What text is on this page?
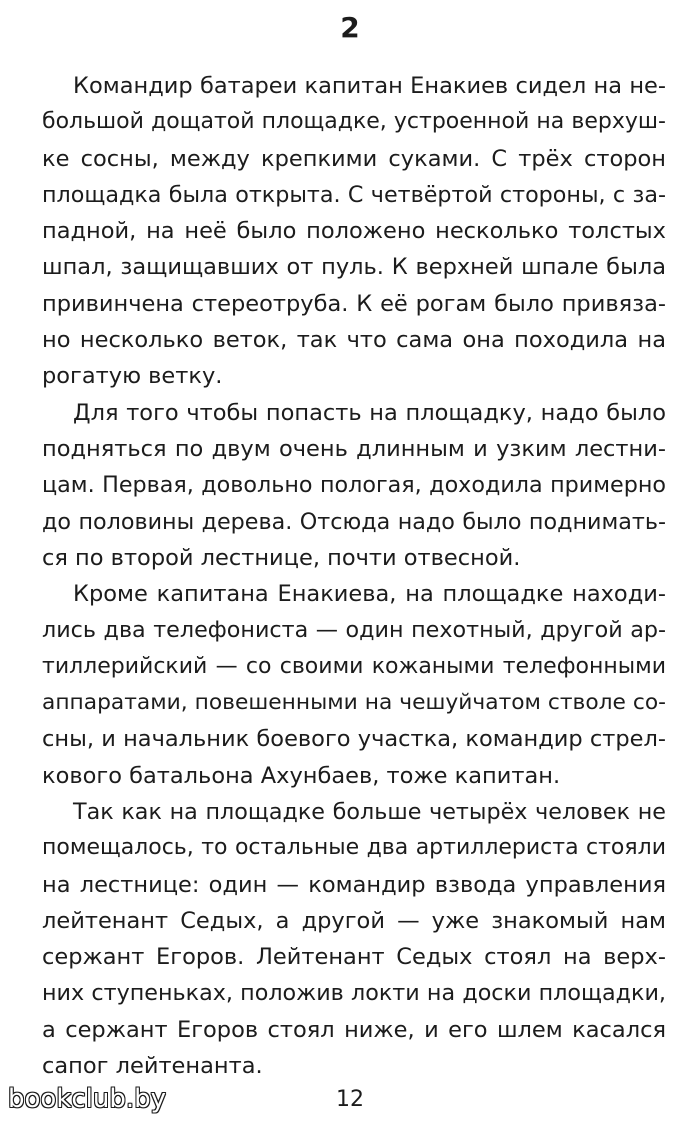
2
Командир батареи капитан Енакиев сидел на не-
большой дощатой площадке, устроенной на верхуш-
ке сосны, между крепкими суками. С трёх сторон
площадка была открыта. С четвёртой стороны, с за-
падной, на неё было положено несколько толстых
шпал, защищавших от пуль. К верхней шпале была
привинчена стереотруба. К её рогам было привяза-
но несколько веток, так что сама она походила на
рогатую ветку.
Для того чтобы попасть на площадку, надо было
подняться по двум очень длинным и узким лестни-
цам. Первая, довольно пологая, доходила примерно
до половины дерева. Отсюда надо было поднимать-
ся по второй лестнице, почти отвесной.
Кроме капитана Енакиева, на площадке находи-
лись два телефониста — один пехотный, другой ар-
тиллерийский — со своими кожаными телефонными
аппаратами, повешенными на чешуйчатом стволе со-
сны, и начальник боевого участка, командир стрел-
кового батальона Ахунбаев, тоже капитан.
Так как на площадке больше четырёх человек не
помещалось, то остальные два артиллериста стояли
на лестнице: один — командир взвода управления
лейтенант Седых, а другой — уже знакомый нам
сержант Егоров. Лейтенант Седых стоял на верх-
них ступеньках, положив локти на доски площадки,
а сержант Егоров стоял ниже, и его шлем касался
сапог лейтенанта.
bookclub.by	12
